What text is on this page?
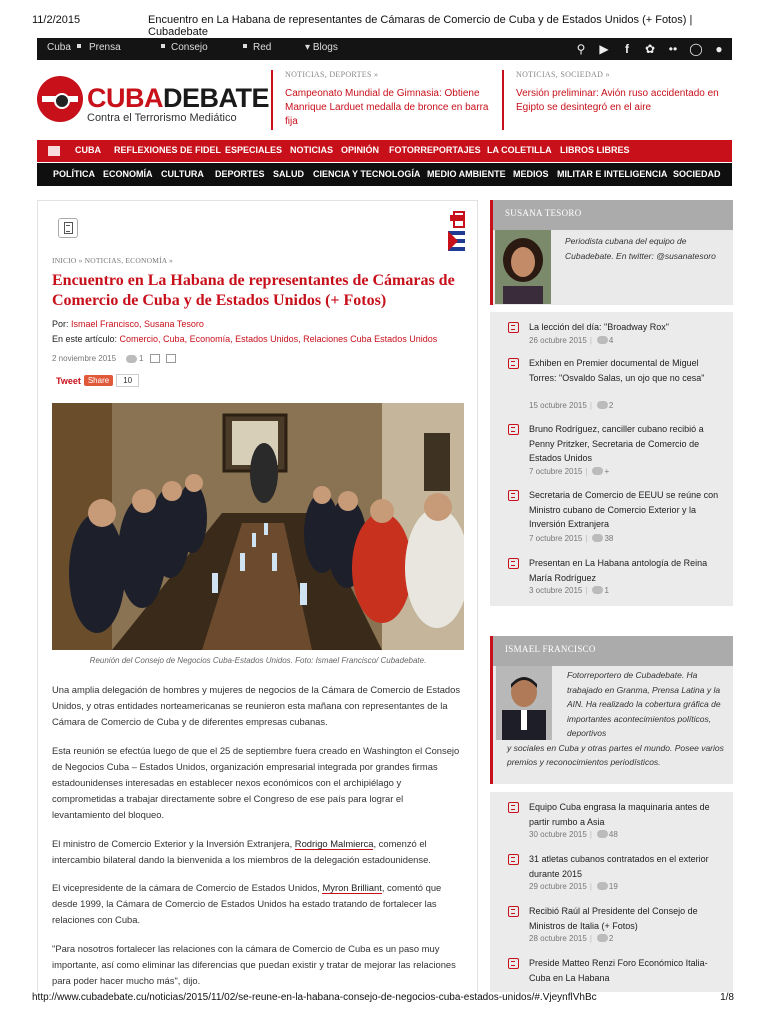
11/2/2015	Encuentro en La Habana de representantes de Cámaras de Comercio de Cuba y de Estados Unidos (+ Fotos) | Cubadebate
Cuba	Prensa	Consejo	Red	▾ Blogs	⚲ ▶	f	✿ •• ◯ ●
CUBADEBATE
Contra el Terrorismo Mediático
NOTICIAS, DEPORTES »
Campeonato Mundial de Gimnasia: Obtiene Manrique Larduet medalla de bronce en barra fija
NOTICIAS, SOCIEDAD »
Versión preliminar: Avión ruso accidentado en Egipto se desintegró en el aire
CUBA REFLEXIONES DE FIDEL ESPECIALES NOTICIAS OPINIÓN FOTORREPORTAJES LA COLETILLA LIBROS LIBRES
POLÍTICA ECONOMÍA CULTURA DEPORTES SALUD CIENCIA Y TECNOLOGÍA MEDIO AMBIENTE MEDIOS MILITAR E INTELIGENCIA SOCIEDAD
INICIO » NOTICIAS, ECONOMÍA »
Encuentro en La Habana de representantes de Cámaras de Comercio de Cuba y de Estados Unidos (+ Fotos)
Por: Ismael Francisco, Susana Tesoro
En este artículo: Comercio, Cuba, Economía, Estados Unidos, Relaciones Cuba Estados Unidos
2 noviembre 2015	1
Tweet Share	10
Reunión del Consejo de Negocios Cuba-Estados Unidos. Foto: Ismael Francisco/ Cubadebate.

Una amplia delegación de hombres y mujeres de negocios de la Cámara de Comercio de Estados Unidos, y otras entidades norteamericanas se reunieron esta mañana con representantes de la Cámara de Comercio de Cuba y de diferentes empresas cubanas.

Esta reunión se efectúa luego de que el 25 de septiembre fuera creado en Washington el Consejo de Negocios Cuba – Estados Unidos, organización empresarial integrada por grandes firmas estadounidenses interesadas en establecer nexos económicos con el archipiélago y comprometidas a trabajar directamente sobre el Congreso de ese país para lograr el levantamiento del bloqueo.

El ministro de Comercio Exterior y la Inversión Extranjera, Rodrigo Malmierca, comenzó el intercambio bilateral dando la bienvenida a los miembros de la delegación estadounidense.

El vicepresidente de la cámara de Comercio de Estados Unidos, Myron Brilliant, comentó que desde 1999, la Cámara de Comercio de Estados Unidos ha estado tratando de fortalecer las relaciones con Cuba.

"Para nosotros fortalecer las relaciones con la cámara de Comercio de Cuba es un paso muy importante, así como eliminar las diferencias que puedan existir y tratar de mejorar las relaciones para poder hacer mucho más", dijo.

SUSANA TESORO
Periodista cubana del equipo de Cubadebate. En twitter: @susanatesoro
La lección del día: "Broadway Rox"
26 octubre 2015 | 4
Exhiben en Premier documental de Miguel Torres: "Osvaldo Salas, un ojo que no cesa"
15 octubre 2015 | 2
Bruno Rodríguez, canciller cubano recibió a Penny Pritzker, Secretaria de Comercio de Estados Unidos
7 octubre 2015 | +
Secretaria de Comercio de EEUU se reúne con Ministro cubano de Comercio Exterior y la Inversión Extranjera
7 octubre 2015 | 38
Presentan en La Habana antología de Reina María Rodríguez
3 octubre 2015 | 1
ISMAEL FRANCISCO
Fotorreportero de Cubadebate. Ha trabajado en Granma, Prensa Latina y la AIN. Ha realizado la cobertura gráfica de importantes acontecimientos políticos, deportivos
y sociales en Cuba y otras partes el mundo. Posee varios premios y reconocimientos periodísticos.
Equipo Cuba engrasa la maquinaria antes de partir rumbo a Asia
30 octubre 2015 | 48
31 atletas cubanos contratados en el exterior durante 2015
29 octubre 2015 | 19
Recibió Raúl al Presidente del Consejo de Ministros de Italia (+ Fotos)
28 octubre 2015 | 2
Preside Matteo Renzi Foro Económico Italia-Cuba en La Habana
http://www.cubadebate.cu/noticias/2015/11/02/se-reune-en-la-habana-consejo-de-negocios-cuba-estados-unidos/#.VjeynflVhBc	1/8
